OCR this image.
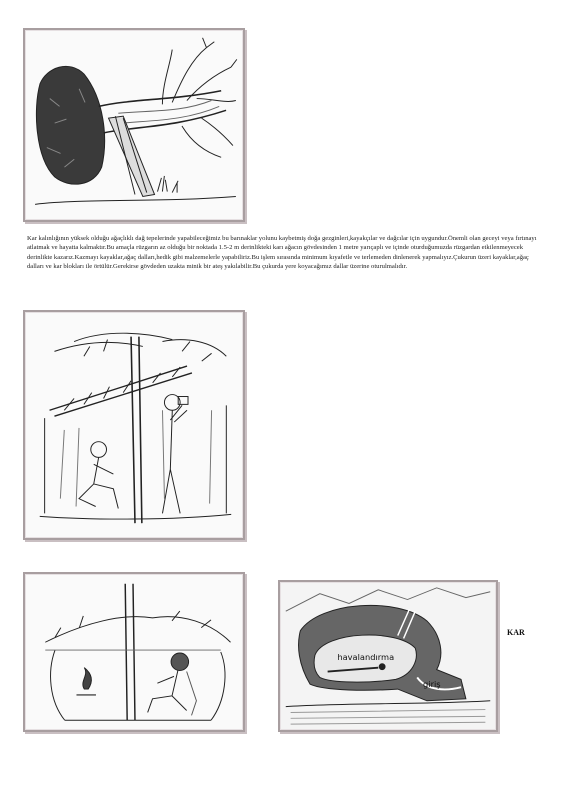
Kar kalınlığının yüksek olduğu ağaçlıklı dağ tepelerinde yapabileceğimiz bu barınaklar yolunu kaybetmiş doğa gezginleri,kayakçılar ve dağcılar için uygundur.Önemli olan geceyi veya fırtınayı atlatmak ve hayatta kalmaktır.Bu amaçla rüzgarın az olduğu bir noktada 1.5-2 m derinlikteki karı ağacın gövdesinden 1 metre yarıçaplı ve içinde oturduğumuzda rüzgardan etkilenmeyecek derinlikte kazarız.Kazmayı kayaklar,ağaç dalları,hedik gibi malzemelerle yapabiliriz.Bu işlem sırasında minimum kıyafetle ve terlemeden dinlenerek yapmalıyız.Çukurun üzeri kayaklar,ağaç dalları ve kar blokları ile örtülür.Gerekirse gövdeden uzakta minik bir ateş yakılabilir.Bu çukurda yere koyacağımız dallar üzerine oturulmalıdır.

havalandırma
giriş
KAR
